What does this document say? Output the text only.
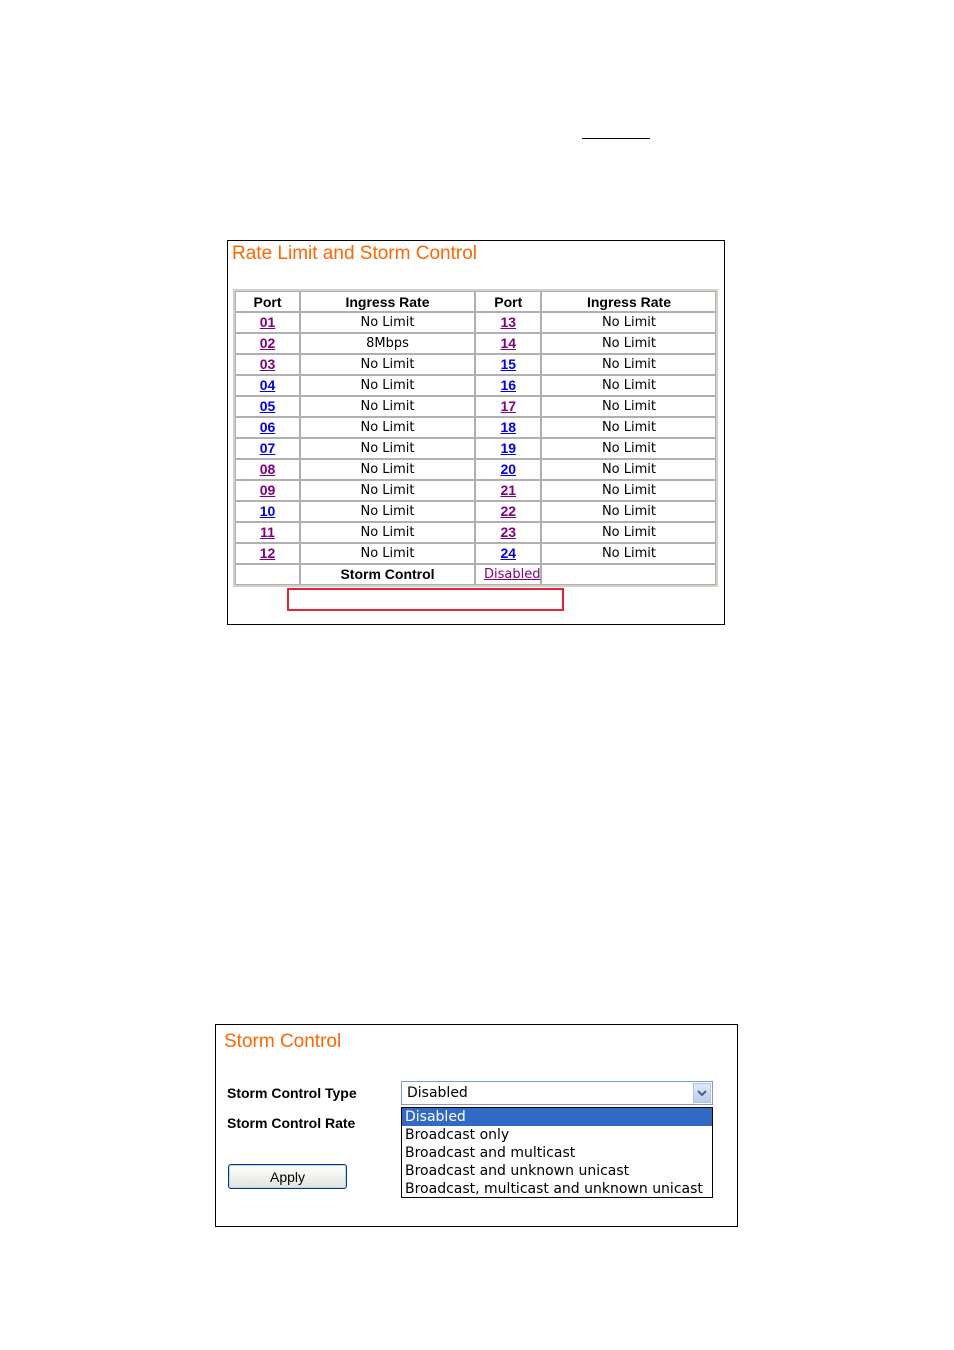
Rate Limit and Storm Control
Port	Ingress Rate	Port	Ingress Rate
01	No Limit	13	No Limit
02	8Mbps	14	No Limit
03	No Limit	15	No Limit
04	No Limit	16	No Limit
05	No Limit	17	No Limit
06	No Limit	18	No Limit
07	No Limit	19	No Limit
08	No Limit	20	No Limit
09	No Limit	21	No Limit
10	No Limit	22	No Limit
11	No Limit	23	No Limit
12	No Limit	24	No Limit
	Storm Control	Disabled	
Storm Control
Storm Control Type
Storm Control Rate
Disabled
Disabled
Broadcast only
Broadcast and multicast
Broadcast and unknown unicast
Broadcast, multicast and unknown unicast
Apply
